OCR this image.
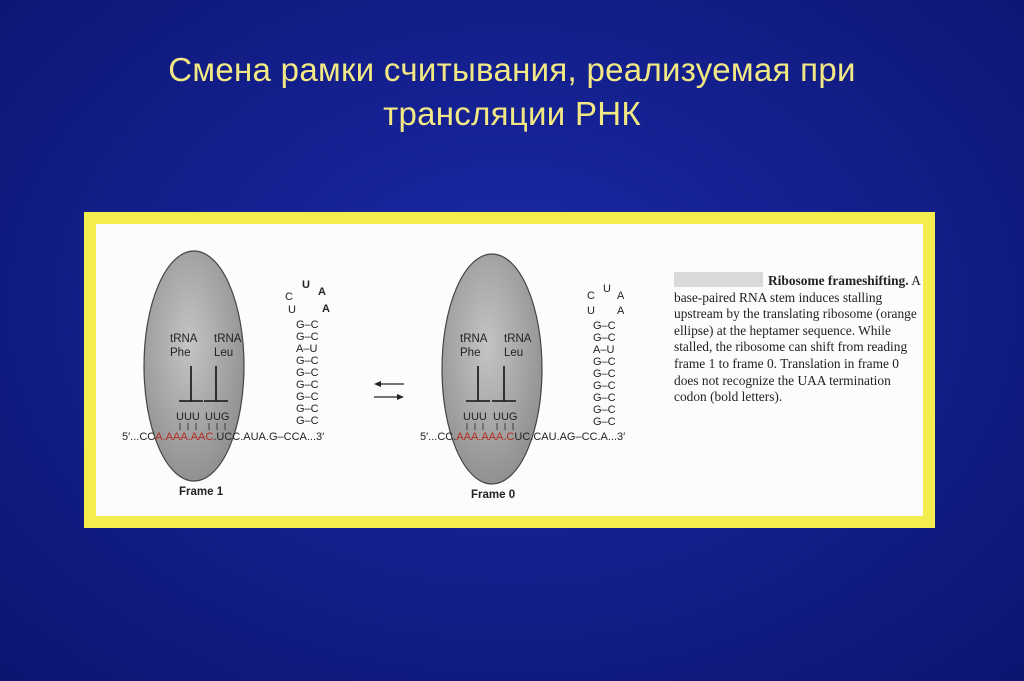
Смена рамки считывания, реализуемая при
трансляции РНК
tRNA
Phe
tRNA
Leu
UUU UUG
5′...CCA.AAA.AAC.UCC.AUA.G–CCA...3′
Frame 1
C
U
A
U A
G–C
G–C
A–U
G–C
G–C
G–C
G–C
G–C
G–C
tRNA
Phe
tRNA
Leu
UUU UUG
5′...CC.AAA.AAA.CUC.CAU.AG–CC.A...3′
Frame 0
C
U
A
U A
G–C
G–C
A–U
G–C
G–C
G–C
G–C
G–C
G–C
Ribosome frameshifting. A base-paired RNA stem induces stalling upstream by the translating ribosome (orange ellipse) at the heptamer sequence. While stalled, the ribosome can shift from reading frame 1 to frame 0. Translation in frame 0 does not recognize the UAA termination codon (bold letters).
